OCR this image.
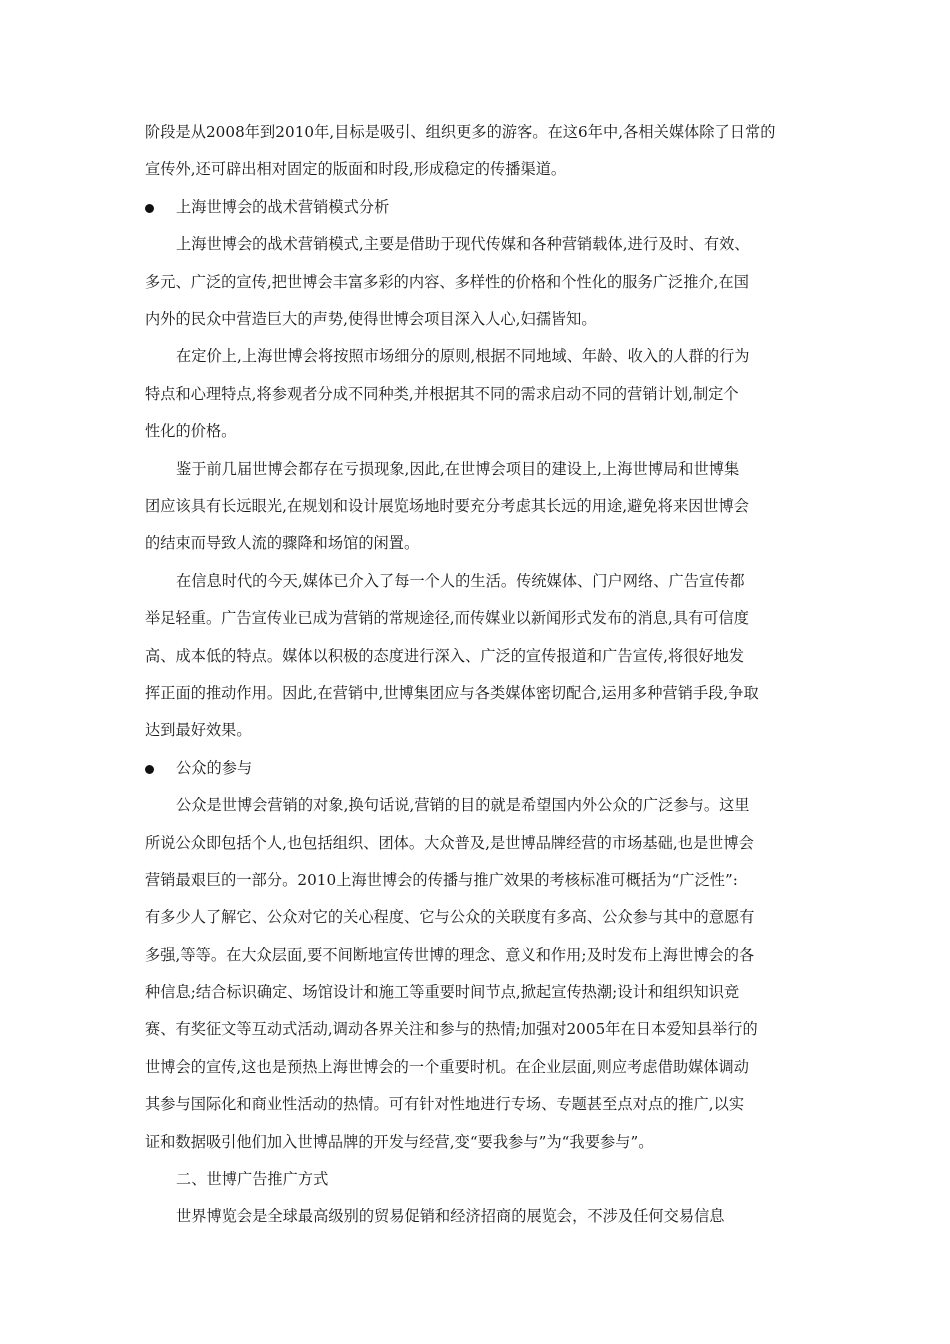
阶段是从2008年到2010年,目标是吸引、组织更多的游客。在这6年中,各相关媒体除了日常的
宣传外,还可辟出相对固定的版面和时段,形成稳定的传播渠道。
上海世博会的战术营销模式分析
上海世博会的战术营销模式,主要是借助于现代传媒和各种营销载体,进行及时、有效、
多元、广泛的宣传,把世博会丰富多彩的内容、多样性的价格和个性化的服务广泛推介,在国
内外的民众中营造巨大的声势,使得世博会项目深入人心,妇孺皆知。
在定价上,上海世博会将按照市场细分的原则,根据不同地域、年龄、收入的人群的行为
特点和心理特点,将参观者分成不同种类,并根据其不同的需求启动不同的营销计划,制定个
性化的价格。
鉴于前几届世博会都存在亏损现象,因此,在世博会项目的建设上,上海世博局和世博集
团应该具有长远眼光,在规划和设计展览场地时要充分考虑其长远的用途,避免将来因世博会
的结束而导致人流的骤降和场馆的闲置。
在信息时代的今天,媒体已介入了每一个人的生活。传统媒体、门户网络、广告宣传都
举足轻重。广告宣传业已成为营销的常规途径,而传媒业以新闻形式发布的消息,具有可信度
高、成本低的特点。媒体以积极的态度进行深入、广泛的宣传报道和广告宣传,将很好地发
挥正面的推动作用。因此,在营销中,世博集团应与各类媒体密切配合,运用多种营销手段,争取
达到最好效果。
公众的参与
公众是世博会营销的对象,换句话说,营销的目的就是希望国内外公众的广泛参与。这里
所说公众即包括个人,也包括组织、团体。大众普及,是世博品牌经营的市场基础,也是世博会
营销最艰巨的一部分。2010上海世博会的传播与推广效果的考核标准可概括为“广泛性”:
有多少人了解它、公众对它的关心程度、它与公众的关联度有多高、公众参与其中的意愿有
多强,等等。在大众层面,要不间断地宣传世博的理念、意义和作用;及时发布上海世博会的各
种信息;结合标识确定、场馆设计和施工等重要时间节点,掀起宣传热潮;设计和组织知识竞
赛、有奖征文等互动式活动,调动各界关注和参与的热情;加强对2005年在日本爱知县举行的
世博会的宣传,这也是预热上海世博会的一个重要时机。在企业层面,则应考虑借助媒体调动
其参与国际化和商业性活动的热情。可有针对性地进行专场、专题甚至点对点的推广,以实
证和数据吸引他们加入世博品牌的开发与经营,变“要我参与”为“我要参与”。
二、世博广告推广方式
世界博览会是全球最高级别的贸易促销和经济招商的展览会，不涉及任何交易信息
